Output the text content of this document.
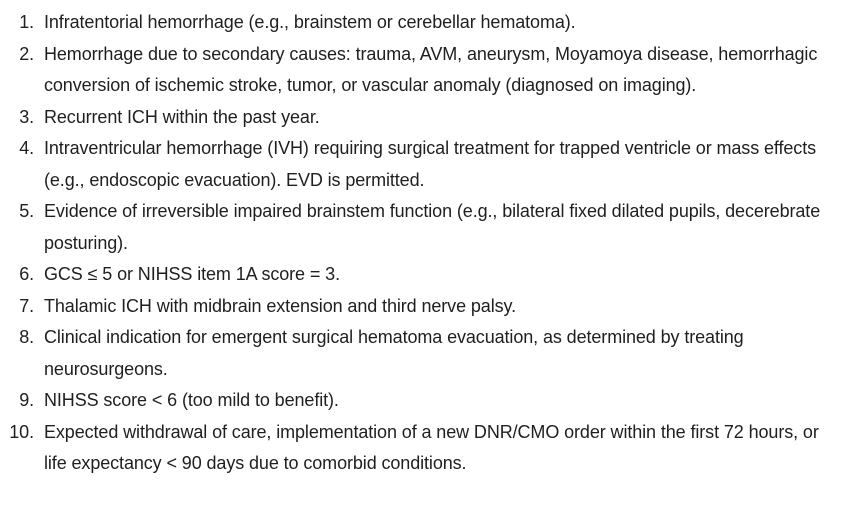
1. Infratentorial hemorrhage (e.g., brainstem or cerebellar hematoma).
2. Hemorrhage due to secondary causes: trauma, AVM, aneurysm, Moyamoya disease, hemorrhagic conversion of ischemic stroke, tumor, or vascular anomaly (diagnosed on imaging).
3. Recurrent ICH within the past year.
4. Intraventricular hemorrhage (IVH) requiring surgical treatment for trapped ventricle or mass effects (e.g., endoscopic evacuation). EVD is permitted.
5. Evidence of irreversible impaired brainstem function (e.g., bilateral fixed dilated pupils, decerebrate posturing).
6. GCS ≤ 5 or NIHSS item 1A score = 3.
7. Thalamic ICH with midbrain extension and third nerve palsy.
8. Clinical indication for emergent surgical hematoma evacuation, as determined by treating neurosurgeons.
9. NIHSS score < 6 (too mild to benefit).
10. Expected withdrawal of care, implementation of a new DNR/CMO order within the first 72 hours, or life expectancy < 90 days due to comorbid conditions.
